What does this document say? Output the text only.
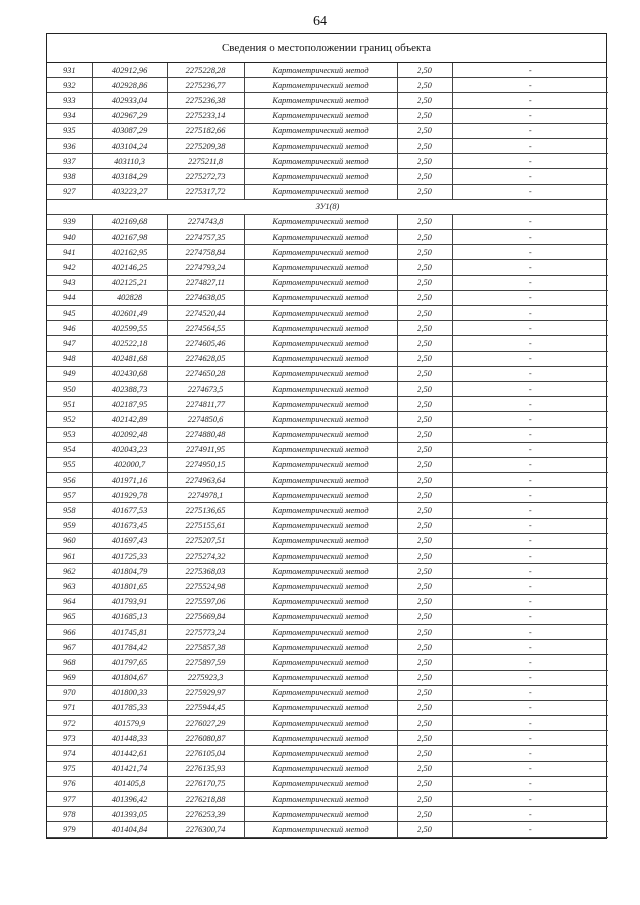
64
Сведения о местоположении границ объекта
931	402912,96	2275228,28	Картометрический метод	2,50	-
932	402928,86	2275236,77	Картометрический метод	2,50	-
933	402933,04	2275236,38	Картометрический метод	2,50	-
934	402967,29	2275233,14	Картометрический метод	2,50	-
935	403087,29	2275182,66	Картометрический метод	2,50	-
936	403104,24	2275209,38	Картометрический метод	2,50	-
937	403110,3	2275211,8	Картометрический метод	2,50	-
938	403184,29	2275272,73	Картометрический метод	2,50	-
927	403223,27	2275317,72	Картометрический метод	2,50	-
ЗУ1(8)					
939	402169,68	2274743,8	Картометрический метод	2,50	-
940	402167,98	2274757,35	Картометрический метод	2,50	-
941	402162,95	2274758,84	Картометрический метод	2,50	-
942	402146,25	2274793,24	Картометрический метод	2,50	-
943	402125,21	2274827,11	Картометрический метод	2,50	-
944	402828	2274638,05	Картометрический метод	2,50	-
945	402601,49	2274520,44	Картометрический метод	2,50	-
946	402599,55	2274564,55	Картометрический метод	2,50	-
947	402522,18	2274605,46	Картометрический метод	2,50	-
948	402481,68	2274628,05	Картометрический метод	2,50	-
949	402430,68	2274650,28	Картометрический метод	2,50	-
950	402388,73	2274673,5	Картометрический метод	2,50	-
951	402187,95	2274811,77	Картометрический метод	2,50	-
952	402142,89	2274850,6	Картометрический метод	2,50	-
953	402092,48	2274880,48	Картометрический метод	2,50	-
954	402043,23	2274911,95	Картометрический метод	2,50	-
955	402000,7	2274950,15	Картометрический метод	2,50	-
956	401971,16	2274963,64	Картометрический метод	2,50	-
957	401929,78	2274978,1	Картометрический метод	2,50	-
958	401677,53	2275136,65	Картометрический метод	2,50	-
959	401673,45	2275155,61	Картометрический метод	2,50	-
960	401697,43	2275207,51	Картометрический метод	2,50	-
961	401725,33	2275274,32	Картометрический метод	2,50	-
962	401804,79	2275368,03	Картометрический метод	2,50	-
963	401801,65	2275524,98	Картометрический метод	2,50	-
964	401793,91	2275597,06	Картометрический метод	2,50	-
965	401685,13	2275669,84	Картометрический метод	2,50	-
966	401745,81	2275773,24	Картометрический метод	2,50	-
967	401784,42	2275857,38	Картометрический метод	2,50	-
968	401797,65	2275897,59	Картометрический метод	2,50	-
969	401804,67	2275923,3	Картометрический метод	2,50	-
970	401800,33	2275929,97	Картометрический метод	2,50	-
971	401785,33	2275944,45	Картометрический метод	2,50	-
972	401579,9	2276027,29	Картометрический метод	2,50	-
973	401448,33	2276080,87	Картометрический метод	2,50	-
974	401442,61	2276105,04	Картометрический метод	2,50	-
975	401421,74	2276135,93	Картометрический метод	2,50	-
976	401405,8	2276170,75	Картометрический метод	2,50	-
977	401396,42	2276218,88	Картометрический метод	2,50	-
978	401393,05	2276253,39	Картометрический метод	2,50	-
979	401404,84	2276300,74	Картометрический метод	2,50	-
